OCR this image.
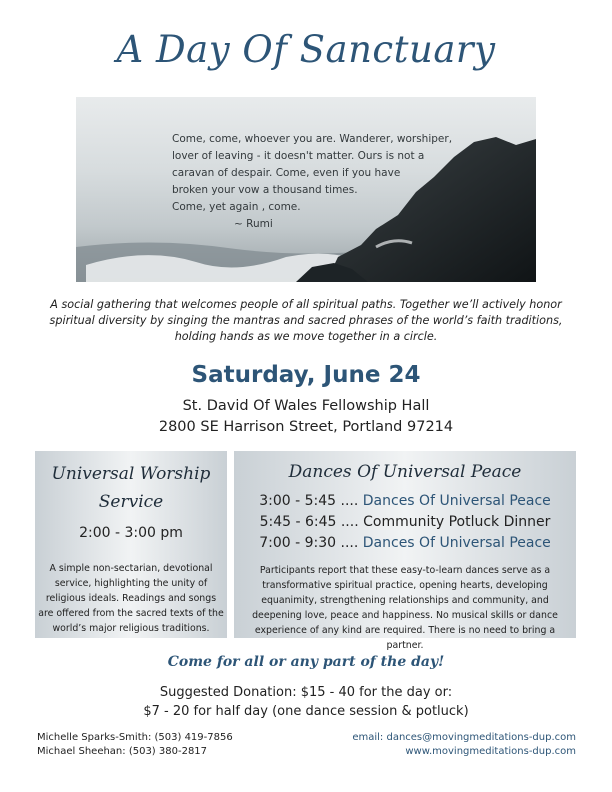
A Day Of Sanctuary
Come, come, whoever you are. Wanderer, worshiper,
lover of leaving - it doesn't matter. Ours is not a
caravan of despair. Come, even if you have
broken your vow a thousand times.
Come, yet again , come.
~ Rumi
A social gathering that welcomes people of all spiritual paths. Together we’ll actively honor spiritual diversity by singing the mantras and sacred phrases of the world’s faith traditions, holding hands as we move together in a circle.
Saturday, June 24
St. David Of Wales Fellowship Hall
2800 SE Harrison Street, Portland 97214
Universal Worship Service
2:00 - 3:00 pm
A simple non-sectarian, devotional service, highlighting the unity of religious ideals. Readings and songs are offered from the sacred texts of the world’s major religious traditions.
Dances Of Universal Peace
3:00 - 5:45 .... Dances Of Universal Peace
5:45 - 6:45 .... Community Potluck Dinner
7:00 - 9:30 .... Dances Of Universal Peace
Participants report that these easy-to-learn dances serve as a transformative spiritual practice, opening hearts, developing equanimity, strengthening relationships and community, and deepening love, peace and happiness. No musical skills or dance experience of any kind are required. There is no need to bring a partner.
Come for all or any part of the day!
Suggested Donation: $15 - 40 for the day or:
$7 - 20 for half day (one dance session & potluck)
Michelle Sparks-Smith: (503) 419-7856
Michael Sheehan: (503) 380-2817
email: dances@movingmeditations-dup.com
www.movingmeditations-dup.com
